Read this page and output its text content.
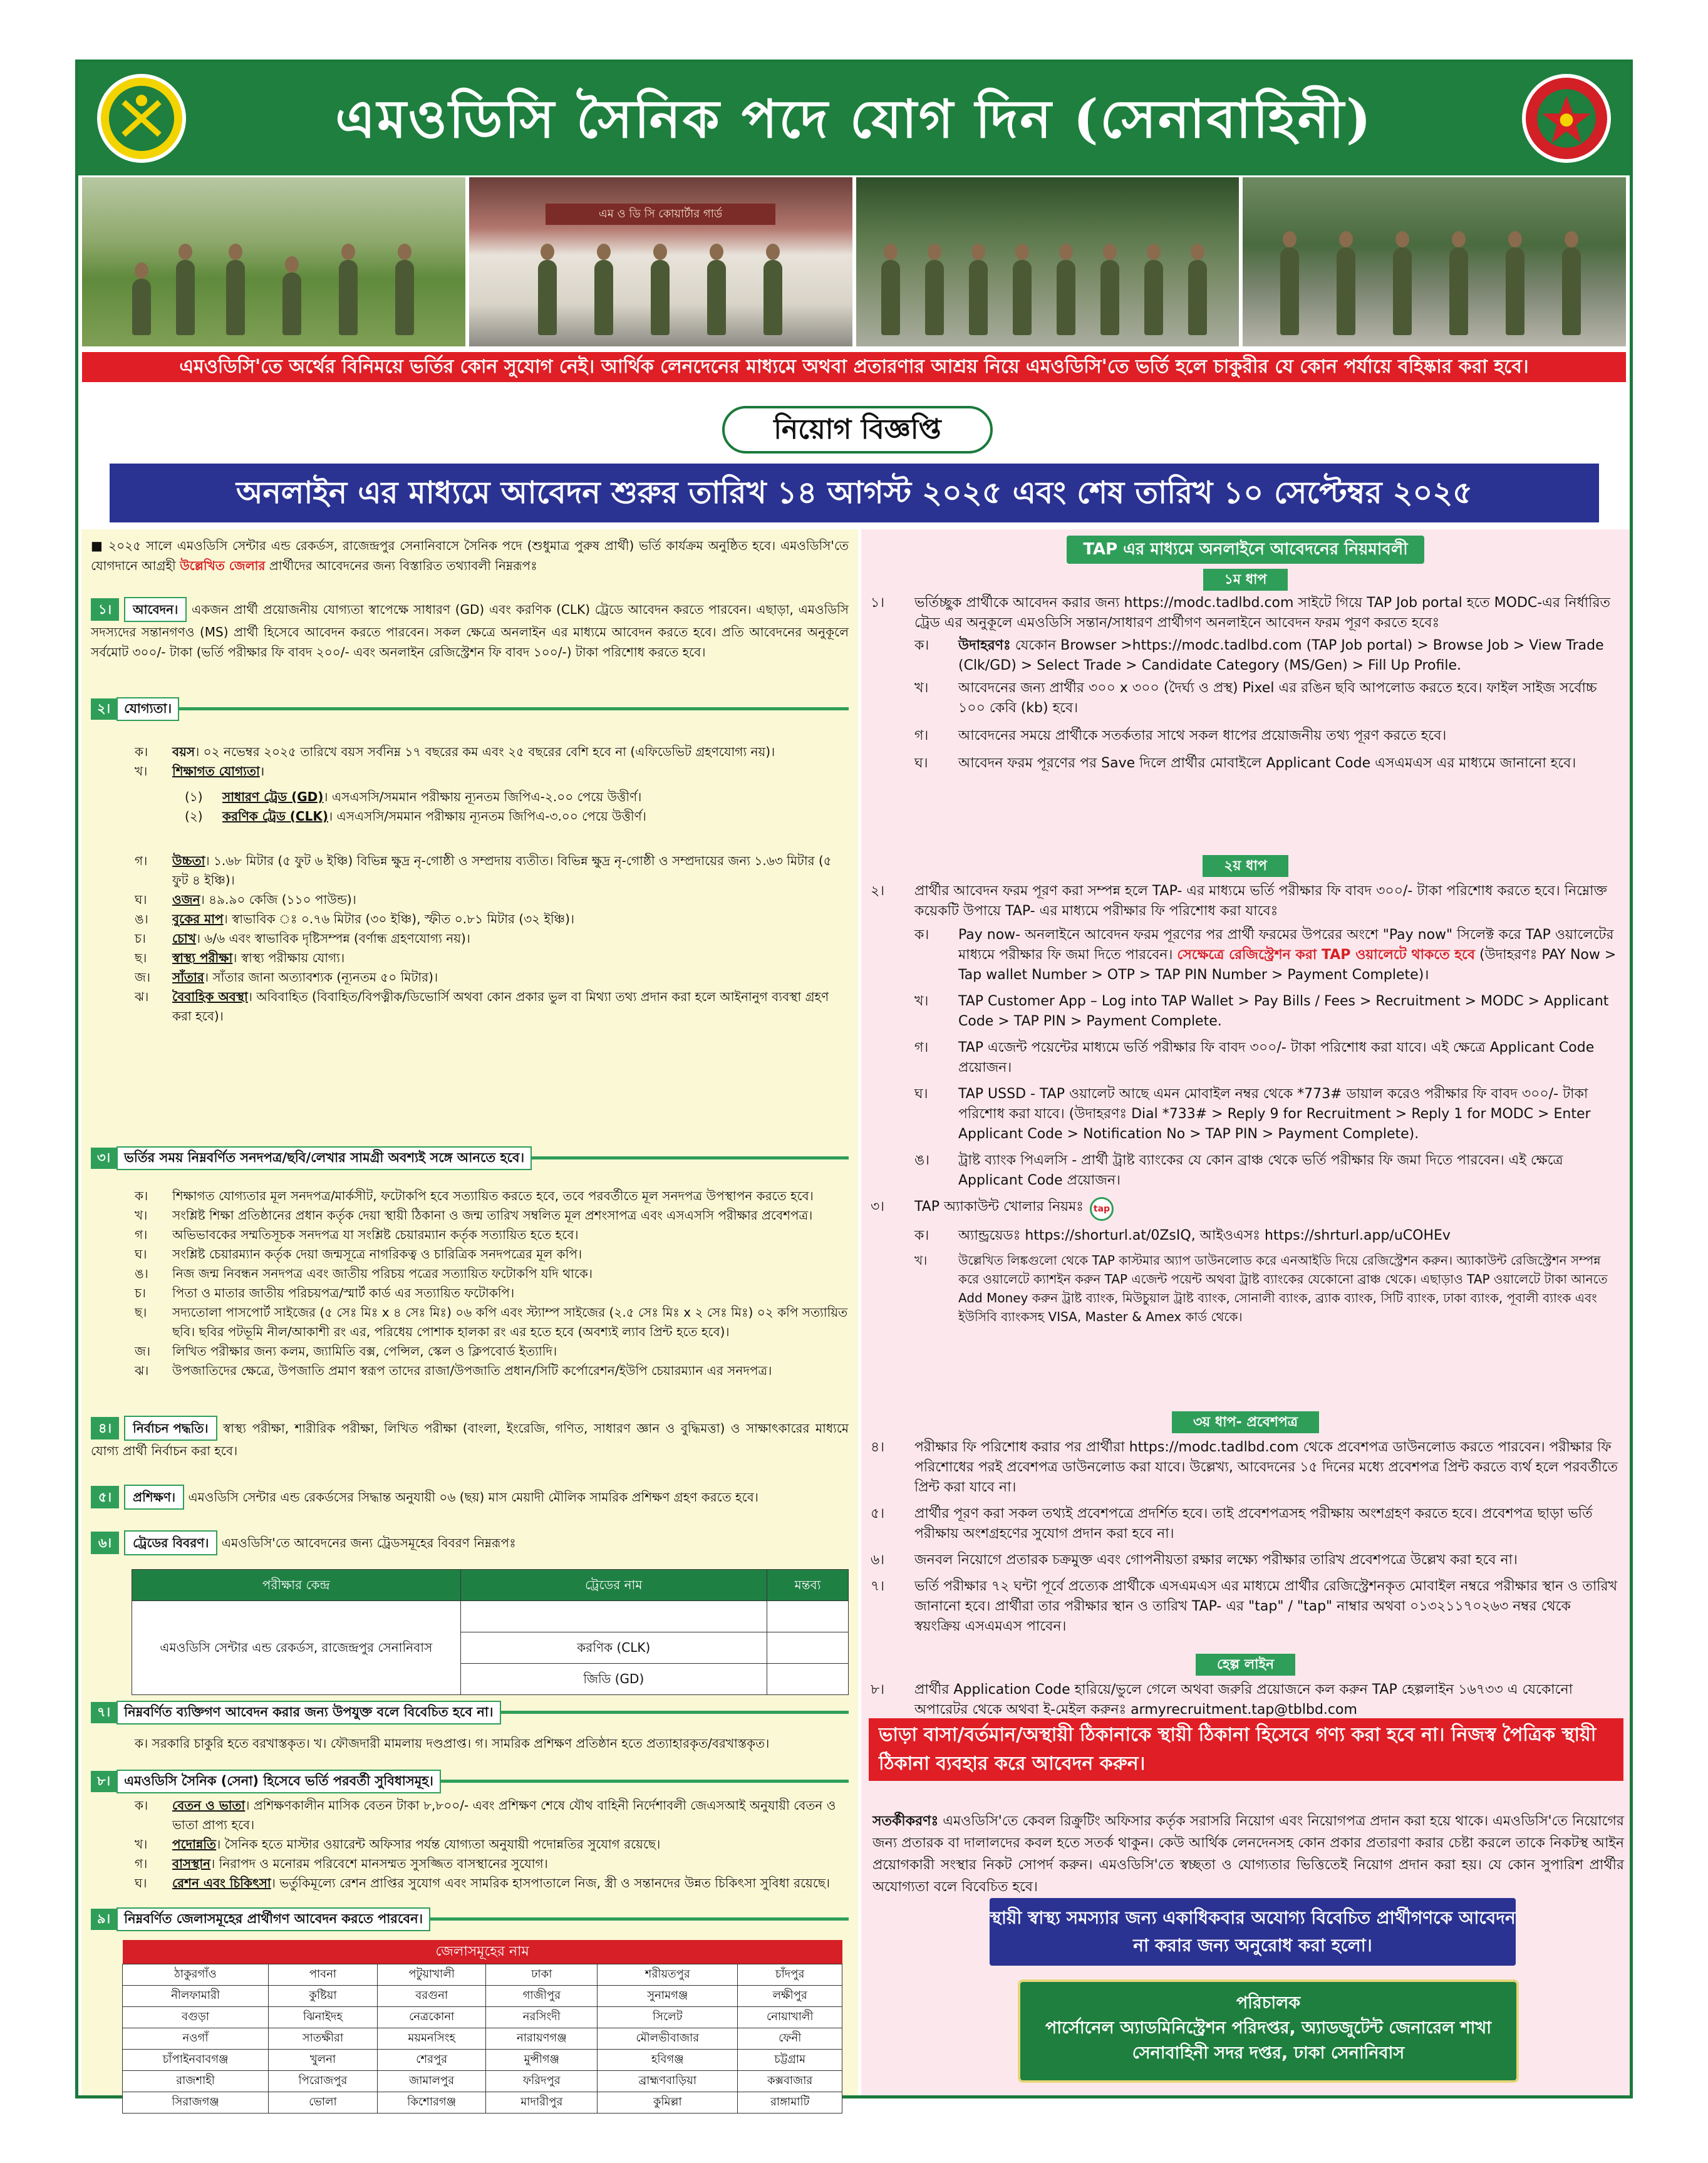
এমওডিসি সৈনিক পদে যোগ দিন (সেনাবাহিনী)
এম ও ডি সি কোয়ার্টার গার্ড
এমওডিসি'তে অর্থের বিনিময়ে ভর্তির কোন সুযোগ নেই। আর্থিক লেনদেনের মাধ্যমে অথবা প্রতারণার আশ্রয় নিয়ে এমওডিসি'তে ভর্তি হলে চাকুরীর যে কোন পর্যায়ে বহিষ্কার করা হবে।
নিয়োগ বিজ্ঞপ্তি
অনলাইন এর মাধ্যমে আবেদন শুরুর তারিখ ১৪ আগস্ট ২০২৫ এবং শেষ তারিখ ১০ সেপ্টেম্বর ২০২৫
■ ২০২৫ সালে এমওডিসি সেন্টার এন্ড রেকর্ডস, রাজেন্দ্রপুর সেনানিবাসে সৈনিক পদে (শুধুমাত্র পুরুষ প্রার্থী) ভর্তি কার্যক্রম অনুষ্ঠিত হবে। এমওডিসি'তে যোগদানে আগ্রহী উল্লেখিত জেলার প্রার্থীদের আবেদনের জন্য বিস্তারিত তথ্যাবলী নিম্নরূপঃ
১। আবেদন। একজন প্রার্থী প্রয়োজনীয় যোগ্যতা স্বাপেক্ষে সাধারণ (GD) এবং করণিক (CLK) ট্রেডে আবেদন করতে পারবেন। এছাড়া, এমওডিসি সদস্যদের সন্তানগণও (MS) প্রার্থী হিসেবে আবেদন করতে পারবেন। সকল ক্ষেত্রে অনলাইন এর মাধ্যমে আবেদন করতে হবে। প্রতি আবেদনের অনুকূলে সর্বমোট ৩০০/- টাকা (ভর্তি পরীক্ষার ফি বাবদ ২০০/- এবং অনলাইন রেজিস্ট্রেশন ফি বাবদ ১০০/-) টাকা পরিশোধ করতে হবে।
২।	যোগ্যতা।
ক।	বয়স। ০২ নভেম্বর ২০২৫ তারিখে বয়স সর্বনিম্ন ১৭ বছরের কম এবং ২৫ বছরের বেশি হবে না (এফিডেভিট গ্রহণযোগ্য নয়)।
খ।	শিক্ষাগত যোগ্যতা।
(১)	সাধারণ ট্রেড (GD)। এসএসসি/সমমান পরীক্ষায় ন্যূনতম জিপিএ-২.০০ পেয়ে উত্তীর্ণ।
(২)	করণিক ট্রেড (CLK)। এসএসসি/সমমান পরীক্ষায় ন্যূনতম জিপিএ-৩.০০ পেয়ে উত্তীর্ণ।
গ।	উচ্চতা। ১.৬৮ মিটার (৫ ফুট ৬ ইঞ্চি) বিভিন্ন ক্ষুদ্র নৃ-গোষ্ঠী ও সম্প্রদায় ব্যতীত। বিভিন্ন ক্ষুদ্র নৃ-গোষ্ঠী ও সম্প্রদায়ের জন্য ১.৬৩ মিটার (৫ ফুট ৪ ইঞ্চি)।
ঘ।	ওজন। ৪৯.৯০ কেজি (১১০ পাউন্ড)।
ঙ।	বুকের মাপ। স্বাভাবিক ঃ ০.৭৬ মিটার (৩০ ইঞ্চি), স্ফীত ০.৮১ মিটার (৩২ ইঞ্চি)।
চ।	চোখ। ৬/৬ এবং স্বাভাবিক দৃষ্টিসম্পন্ন (বর্ণান্ধ গ্রহণযোগ্য নয়)।
ছ।	স্বাস্থ্য পরীক্ষা। স্বাস্থ্য পরীক্ষায় যোগ্য।
জ।	সাঁতার। সাঁতার জানা অত্যাবশ্যক (ন্যূনতম ৫০ মিটার)।
ঝ।	বৈবাহিক অবস্থা। অবিবাহিত (বিবাহিত/বিপত্নীক/ডিভোর্সি অথবা কোন প্রকার ভুল বা মিথ্যা তথ্য প্রদান করা হলে আইনানুগ ব্যবস্থা গ্রহণ করা হবে)।
৩।	ভর্তির সময় নিম্নবর্ণিত সনদপত্র/ছবি/লেখার সামগ্রী অবশ্যই সঙ্গে আনতে হবে।
ক।	শিক্ষাগত যোগ্যতার মূল সনদপত্র/মার্কসীট, ফটোকপি হবে সত্যায়িত করতে হবে, তবে পরবর্তীতে মূল সনদপত্র উপস্থাপন করতে হবে।
খ।	সংশ্লিষ্ট শিক্ষা প্রতিষ্ঠানের প্রধান কর্তৃক দেয়া স্থায়ী ঠিকানা ও জন্ম তারিখ সম্বলিত মূল প্রশংসাপত্র এবং এসএসসি পরীক্ষার প্রবেশপত্র।
গ।	অভিভাবকের সম্মতিসূচক সনদপত্র যা সংশ্লিষ্ট চেয়ারম্যান কর্তৃক সত্যায়িত হতে হবে।
ঘ।	সংশ্লিষ্ট চেয়ারম্যান কর্তৃক দেয়া জন্মসূত্রে নাগরিকত্ব ও চারিত্রিক সনদপত্রের মূল কপি।
ঙ।	নিজ জন্ম নিবন্ধন সনদপত্র এবং জাতীয় পরিচয় পত্রের সত্যায়িত ফটোকপি যদি থাকে।
চ।	পিতা ও মাতার জাতীয় পরিচয়পত্র/স্মার্ট কার্ড এর সত্যায়িত ফটোকপি।
ছ।	সদ্যতোলা পাসপোর্ট সাইজের (৫ সেঃ মিঃ x ৪ সেঃ মিঃ) ০৬ কপি এবং স্ট্যাম্প সাইজের (২.৫ সেঃ মিঃ x ২ সেঃ মিঃ) ০২ কপি সত্যায়িত ছবি। ছবির পটভূমি নীল/আকাশী রং এর, পরিধেয় পোশাক হালকা রং এর হতে হবে (অবশ্যই ল্যাব প্রিন্ট হতে হবে)।
জ।	লিখিত পরীক্ষার জন্য কলম, জ্যামিতি বক্স, পেন্সিল, স্কেল ও ক্লিপবোর্ড ইত্যাদি।
ঝ।	উপজাতিদের ক্ষেত্রে, উপজাতি প্রমাণ স্বরূপ তাদের রাজা/উপজাতি প্রধান/সিটি কর্পোরেশন/ইউপি চেয়ারম্যান এর সনদপত্র।
৪। নির্বাচন পদ্ধতি। স্বাস্থ্য পরীক্ষা, শারীরিক পরীক্ষা, লিখিত পরীক্ষা (বাংলা, ইংরেজি, গণিত, সাধারণ জ্ঞান ও বুদ্ধিমত্তা) ও সাক্ষাৎকারের মাধ্যমে যোগ্য প্রার্থী নির্বাচন করা হবে।
৫। প্রশিক্ষণ। এমওডিসি সেন্টার এন্ড রেকর্ডসের সিদ্ধান্ত অনুযায়ী ০৬ (ছয়) মাস মেয়াদী মৌলিক সামরিক প্রশিক্ষণ গ্রহণ করতে হবে।
৬। ট্রেডের বিবরণ। এমওডিসি'তে আবেদনের জন্য ট্রেডসমূহের বিবরণ নিম্নরূপঃ
পরীক্ষার কেন্দ্র	ট্রেডের নাম	মন্তব্য
এমওডিসি সেন্টার এন্ড রেকর্ডস, রাজেন্দ্রপুর সেনানিবাস		
	করণিক (CLK)	
	জিডি (GD)	
৭।	নিম্নবর্ণিত ব্যক্তিগণ আবেদন করার জন্য উপযুক্ত বলে বিবেচিত হবে না।
ক। সরকারি চাকুরি হতে বরখাস্তকৃত। খ। ফৌজদারী মামলায় দণ্ডপ্রাপ্ত। গ। সামরিক প্রশিক্ষণ প্রতিষ্ঠান হতে প্রত্যাহারকৃত/বরখাস্তকৃত।
৮।	এমওডিসি সৈনিক (সেনা) হিসেবে ভর্তি পরবর্তী সুবিধাসমূহ।
ক।	বেতন ও ভাতা। প্রশিক্ষণকালীন মাসিক বেতন টাকা ৮,৮০০/- এবং প্রশিক্ষণ শেষে যৌথ বাহিনী নির্দেশাবলী জেএসআই অনুযায়ী বেতন ও ভাতা প্রাপ্য হবে।
খ।	পদোন্নতি। সৈনিক হতে মাস্টার ওয়ারেন্ট অফিসার পর্যন্ত যোগ্যতা অনুযায়ী পদোন্নতির সুযোগ রয়েছে।
গ।	বাসস্থান। নিরাপদ ও মনোরম পরিবেশে মানসম্মত সুসজ্জিত বাসস্থানের সুযোগ।
ঘ।	রেশন এবং চিকিৎসা। ভর্তুকিমূল্যে রেশন প্রাপ্তির সুযোগ এবং সামরিক হাসপাতালে নিজ, স্ত্রী ও সন্তানদের উন্নত চিকিৎসা সুবিধা রয়েছে।
৯।	নিম্নবর্ণিত জেলাসমূহের প্রার্থীগণ আবেদন করতে পারবেন।
জেলাসমূহের নাম					
ঠাকুরগাঁও	পাবনা	পটুয়াখালী	ঢাকা	শরীয়তপুর	চাঁদপুর
নীলফামারী	কুষ্টিয়া	বরগুনা	গাজীপুর	সুনামগঞ্জ	লক্ষীপুর
বগুড়া	ঝিনাইদহ	নেত্রকোনা	নরসিংদী	সিলেট	নোয়াখালী
নওগাঁ	সাতক্ষীরা	ময়মনসিংহ	নারায়ণগঞ্জ	মৌলভীবাজার	ফেনী
চাঁপাইনবাবগঞ্জ	খুলনা	শেরপুর	মুন্সীগঞ্জ	হবিগঞ্জ	চট্টগ্রাম
রাজশাহী	পিরোজপুর	জামালপুর	ফরিদপুর	ব্রাহ্মণবাড়িয়া	কক্সবাজার
সিরাজগঞ্জ	ভোলা	কিশোরগঞ্জ	মাদারীপুর	কুমিল্লা	রাঙ্গামাটি
TAP এর মাধ্যমে অনলাইনে আবেদনের নিয়মাবলী
১ম ধাপ
১।	ভর্তিচ্ছুক প্রার্থীকে আবেদন করার জন্য https://modc.tadlbd.com সাইটে গিয়ে TAP Job portal হতে MODC-এর নির্ধারিত ট্রেড এর অনুকূলে এমওডিসি সন্তান/সাধারণ প্রার্থীগণ অনলাইনে আবেদন ফরম পূরণ করতে হবেঃ
ক।	উদাহরণঃ যেকোন Browser >https://modc.tadlbd.com (TAP Job portal) > Browse Job > View Trade (Clk/GD) > Select Trade > Candidate Category (MS/Gen) > Fill Up Profile.
খ।	আবেদনের জন্য প্রার্থীর ৩০০ x ৩০০ (দৈর্ঘ্য ও প্রস্থ) Pixel এর রঙিন ছবি আপলোড করতে হবে। ফাইল সাইজ সর্বোচ্চ ১০০ কেবি (kb) হবে।
গ।	আবেদনের সময়ে প্রার্থীকে সতর্কতার সাথে সকল ধাপের প্রয়োজনীয় তথ্য পূরণ করতে হবে।
ঘ।	আবেদন ফরম পূরণের পর Save দিলে প্রার্থীর মোবাইলে Applicant Code এসএমএস এর মাধ্যমে জানানো হবে।
২য় ধাপ
২।	প্রার্থীর আবেদন ফরম পূরণ করা সম্পন্ন হলে TAP- এর মাধ্যমে ভর্তি পরীক্ষার ফি বাবদ ৩০০/- টাকা পরিশোধ করতে হবে। নিম্নোক্ত কয়েকটি উপায়ে TAP- এর মাধ্যমে পরীক্ষার ফি পরিশোধ করা যাবেঃ
ক।	Pay now- অনলাইনে আবেদন ফরম পূরণের পর প্রার্থী ফরমের উপরের অংশে "Pay now" সিলেক্ট করে TAP ওয়ালেটের মাধ্যমে পরীক্ষার ফি জমা দিতে পারবেন। সেক্ষেত্রে রেজিস্ট্রেশন করা TAP ওয়ালেটে থাকতে হবে (উদাহরণঃ PAY Now > Tap wallet Number > OTP > TAP PIN Number > Payment Complete)।
খ।	TAP Customer App – Log into TAP Wallet > Pay Bills / Fees > Recruitment > MODC > Applicant Code > TAP PIN > Payment Complete.
গ।	TAP এজেন্ট পয়েন্টের মাধ্যমে ভর্তি পরীক্ষার ফি বাবদ ৩০০/- টাকা পরিশোধ করা যাবে। এই ক্ষেত্রে Applicant Code প্রয়োজন।
ঘ।	TAP USSD - TAP ওয়ালেট আছে এমন মোবাইল নম্বর থেকে *773# ডায়াল করেও পরীক্ষার ফি বাবদ ৩০০/- টাকা পরিশোধ করা যাবে। (উদাহরণঃ Dial *733# > Reply 9 for Recruitment > Reply 1 for MODC > Enter Applicant Code > Notification No > TAP PIN > Payment Complete).
ঙ।	ট্রাষ্ট ব্যাংক পিএলসি - প্রার্থী ট্রাষ্ট ব্যাংকের যে কোন ব্রাঞ্চ থেকে ভর্তি পরীক্ষার ফি জমা দিতে পারবেন। এই ক্ষেত্রে Applicant Code প্রয়োজন।
৩।	TAP অ্যাকাউন্ট খোলার নিয়মঃ	tap
ক।	অ্যান্ড্রয়েডঃ https://shorturl.at/0ZsIQ, আইওএসঃ https://shrturl.app/uCOHEv
খ।	উল্লেখিত লিঙ্কগুলো থেকে TAP কাস্টমার অ্যাপ ডাউনলোড করে এনআইডি দিয়ে রেজিস্ট্রেশন করুন। অ্যাকাউন্ট রেজিস্ট্রেশন সম্পন্ন করে ওয়ালেটে ক্যাশইন করুন TAP এজেন্ট পয়েন্ট অথবা ট্রাষ্ট ব্যাংকের যেকোনো ব্রাঞ্চ থেকে। এছাড়াও TAP ওয়ালেটে টাকা আনতে Add Money করুন ট্রাষ্ট ব্যাংক, মিউচুয়াল ট্রাষ্ট ব্যাংক, সোনালী ব্যাংক, ব্র্যাক ব্যাংক, সিটি ব্যাংক, ঢাকা ব্যাংক, পূবালী ব্যাংক এবং ইউসিবি ব্যাংকসহ VISA, Master & Amex কার্ড থেকে।
৩য় ধাপ- প্রবেশপত্র
৪।	পরীক্ষার ফি পরিশোধ করার পর প্রার্থীরা https://modc.tadlbd.com থেকে প্রবেশপত্র ডাউনলোড করতে পারবেন। পরীক্ষার ফি পরিশোধের পরই প্রবেশপত্র ডাউনলোড করা যাবে। উল্লেখ্য, আবেদনের ১৫ দিনের মধ্যে প্রবেশপত্র প্রিন্ট করতে ব্যর্থ হলে পরবর্তীতে প্রিন্ট করা যাবে না।
৫।	প্রার্থীর পূরণ করা সকল তথ্যই প্রবেশপত্রে প্রদর্শিত হবে। তাই প্রবেশপত্রসহ পরীক্ষায় অংশগ্রহণ করতে হবে। প্রবেশপত্র ছাড়া ভর্তি পরীক্ষায় অংশগ্রহণের সুযোগ প্রদান করা হবে না।
৬।	জনবল নিয়োগে প্রতারক চক্রমুক্ত এবং গোপনীয়তা রক্ষার লক্ষ্যে পরীক্ষার তারিখ প্রবেশপত্রে উল্লেখ করা হবে না।
৭।	ভর্তি পরীক্ষার ৭২ ঘন্টা পূর্বে প্রত্যেক প্রার্থীকে এসএমএস এর মাধ্যমে প্রার্থীর রেজিস্ট্রেশনকৃত মোবাইল নম্বরে পরীক্ষার স্থান ও তারিখ জানানো হবে। প্রার্থীরা তার পরীক্ষার স্থান ও তারিখ TAP- এর "tap" / "tap" নাম্বার অথবা ০১৩২১১৭০২৬৩ নম্বর থেকে স্বয়ংক্রিয় এসএমএস পাবেন।
হেল্প লাইন
৮।	প্রার্থীর Application Code হারিয়ে/ভুলে গেলে অথবা জরুরি প্রয়োজনে কল করুন TAP হেল্পলাইন ১৬৭৩৩ এ যেকোনো অপারেটর থেকে অথবা ই-মেইল করুনঃ armyrecruitment.tap@tblbd.com
ভাড়া বাসা/বর্তমান/অস্থায়ী ঠিকানাকে স্থায়ী ঠিকানা হিসেবে গণ্য করা হবে না। নিজস্ব পৈত্রিক স্থায়ী ঠিকানা ব্যবহার করে আবেদন করুন।
সতর্কীকরণঃ এমওডিসি'তে কেবল রিক্রুটিং অফিসার কর্তৃক সরাসরি নিয়োগ এবং নিয়োগপত্র প্রদান করা হয়ে থাকে। এমওডিসি'তে নিয়োগের জন্য প্রতারক বা দালালদের কবল হতে সতর্ক থাকুন। কেউ আর্থিক লেনদেনসহ কোন প্রকার প্রতারণা করার চেষ্টা করলে তাকে নিকটস্থ আইন প্রয়োগকারী সংস্থার নিকট সোপর্দ করুন। এমওডিসি'তে স্বচ্ছতা ও যোগ্যতার ভিত্তিতেই নিয়োগ প্রদান করা হয়। যে কোন সুপারিশ প্রার্থীর অযোগ্যতা বলে বিবেচিত হবে।
স্থায়ী স্বাস্থ্য সমস্যার জন্য একাধিকবার অযোগ্য বিবেচিত প্রার্থীগণকে আবেদন না করার জন্য অনুরোধ করা হলো।
পরিচালক
পার্সোনেল অ্যাডমিনিস্ট্রেশন পরিদপ্তর, অ্যাডজুটেন্ট জেনারেল শাখা
সেনাবাহিনী সদর দপ্তর, ঢাকা সেনানিবাস
